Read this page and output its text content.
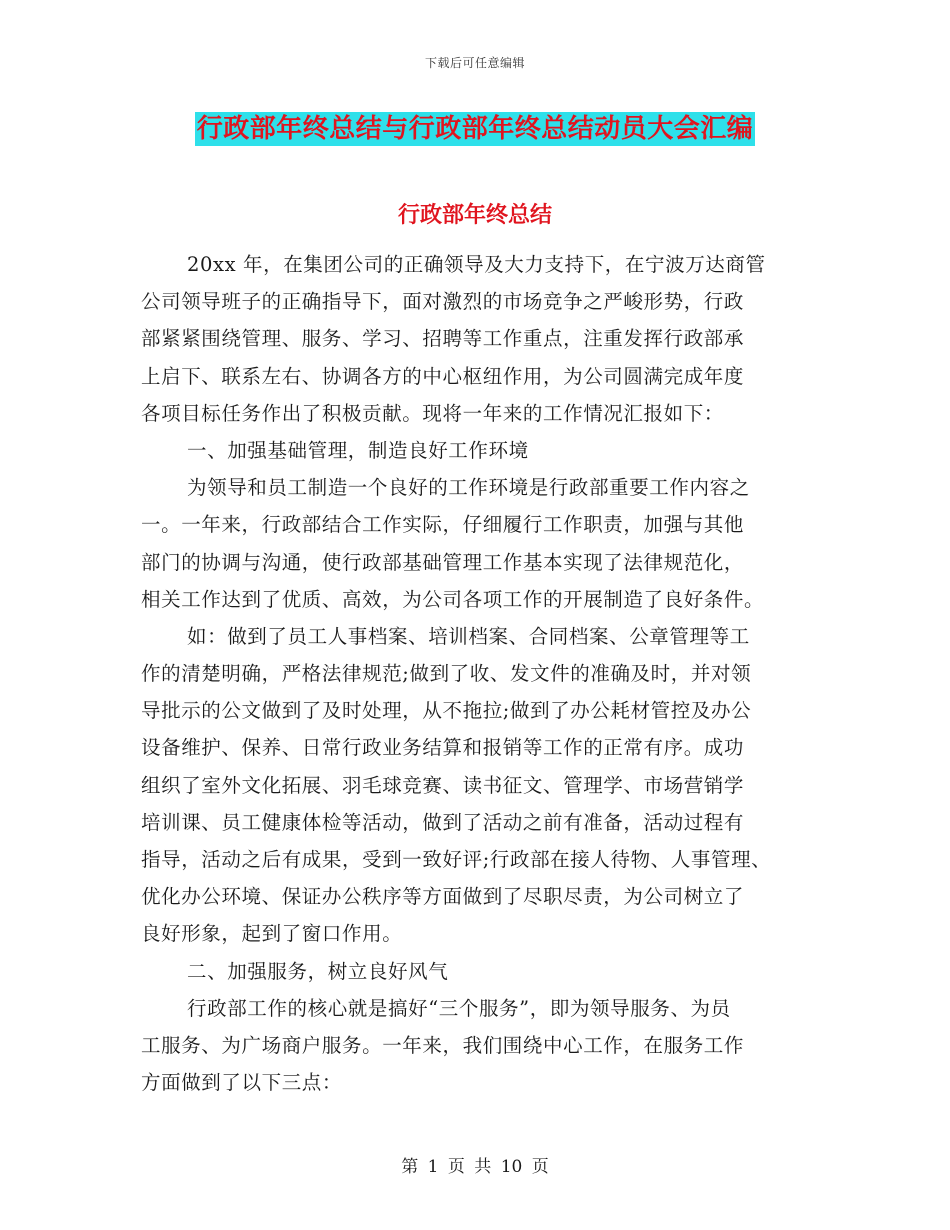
下载后可任意编辑
行政部年终总结与行政部年终总结动员大会汇编
行政部年终总结
20xx 年，在集团公司的正确领导及大力支持下，在宁波万达商管
公司领导班子的正确指导下，面对激烈的市场竞争之严峻形势，行政
部紧紧围绕管理、服务、学习、招聘等工作重点，注重发挥行政部承
上启下、联系左右、协调各方的中心枢纽作用，为公司圆满完成年度
各项目标任务作出了积极贡献。现将一年来的工作情况汇报如下：
一、加强基础管理，制造良好工作环境
为领导和员工制造一个良好的工作环境是行政部重要工作内容之
一。一年来，行政部结合工作实际，仔细履行工作职责，加强与其他
部门的协调与沟通，使行政部基础管理工作基本实现了法律规范化，
相关工作达到了优质、高效，为公司各项工作的开展制造了良好条件。
如：做到了员工人事档案、培训档案、合同档案、公章管理等工
作的清楚明确，严格法律规范;做到了收、发文件的准确及时，并对领
导批示的公文做到了及时处理，从不拖拉;做到了办公耗材管控及办公
设备维护、保养、日常行政业务结算和报销等工作的正常有序。成功
组织了室外文化拓展、羽毛球竞赛、读书征文、管理学、市场营销学
培训课、员工健康体检等活动，做到了活动之前有准备，活动过程有
指导，活动之后有成果，受到一致好评;行政部在接人待物、人事管理、
优化办公环境、保证办公秩序等方面做到了尽职尽责，为公司树立了
良好形象，起到了窗口作用。
二、加强服务，树立良好风气
行政部工作的核心就是搞好“三个服务”，即为领导服务、为员
工服务、为广场商户服务。一年来，我们围绕中心工作，在服务工作
方面做到了以下三点：
第 1 页 共 10 页
